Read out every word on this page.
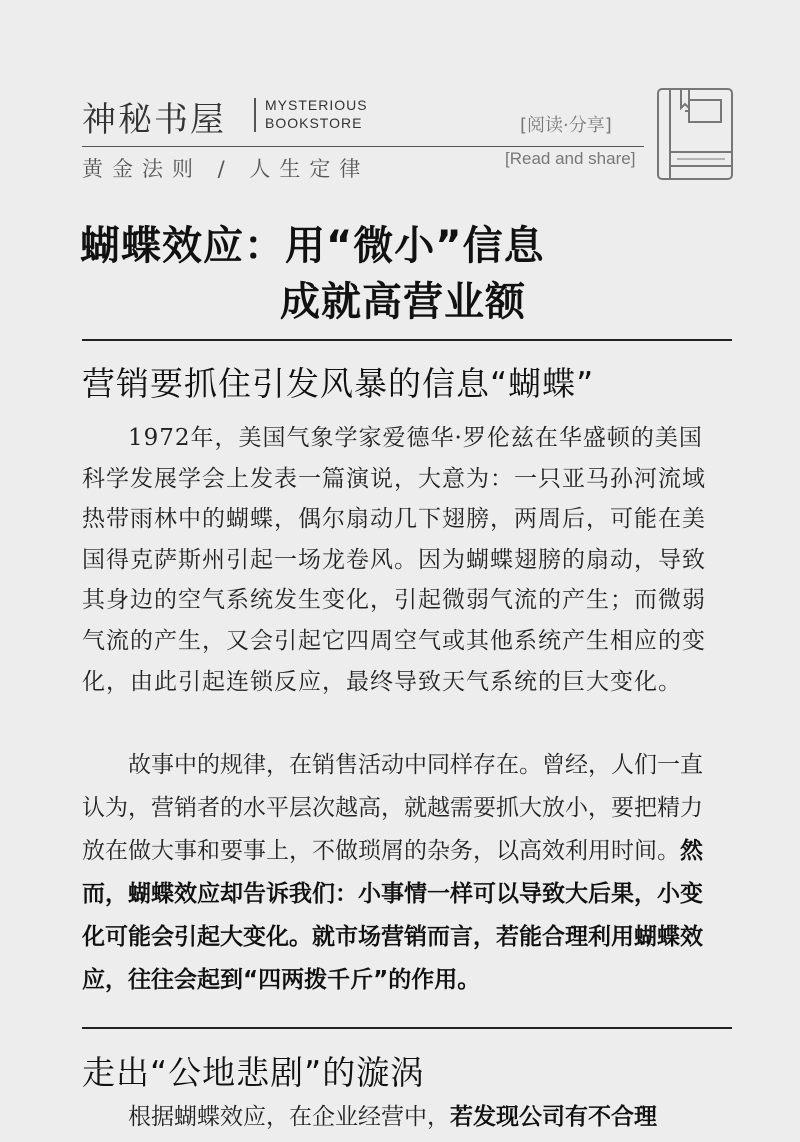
神秘书屋	MYSTERIOUS
BOOKSTORE
黄金法则 / 人生定律
[阅读·分享]
[Read and share]
蝴蝶效应：用“微小”信息
成就高营业额
营销要抓住引发风暴的信息“蝴蝶”

1972年，美国气象学家爱德华·罗伦兹在华盛顿的美国科学发展学会上发表一篇演说，大意为：一只亚马孙河流域热带雨林中的蝴蝶，偶尔扇动几下翅膀，两周后，可能在美国得克萨斯州引起一场龙卷风。因为蝴蝶翅膀的扇动，导致其身边的空气系统发生变化，引起微弱气流的产生；而微弱气流的产生，又会引起它四周空气或其他系统产生相应的变化，由此引起连锁反应，最终导致天气系统的巨大变化。

故事中的规律，在销售活动中同样存在。曾经，人们一直认为，营销者的水平层次越高，就越需要抓大放小，要把精力放在做大事和要事上，不做琐屑的杂务，以高效利用时间。然而，蝴蝶效应却告诉我们：小事情一样可以导致大后果，小变化可能会引起大变化。就市场营销而言，若能合理利用蝴蝶效应，往往会起到“四两拨千斤”的作用。

走出“公地悲剧”的漩涡

根据蝴蝶效应，在企业经营中，若发现公司有不合理
